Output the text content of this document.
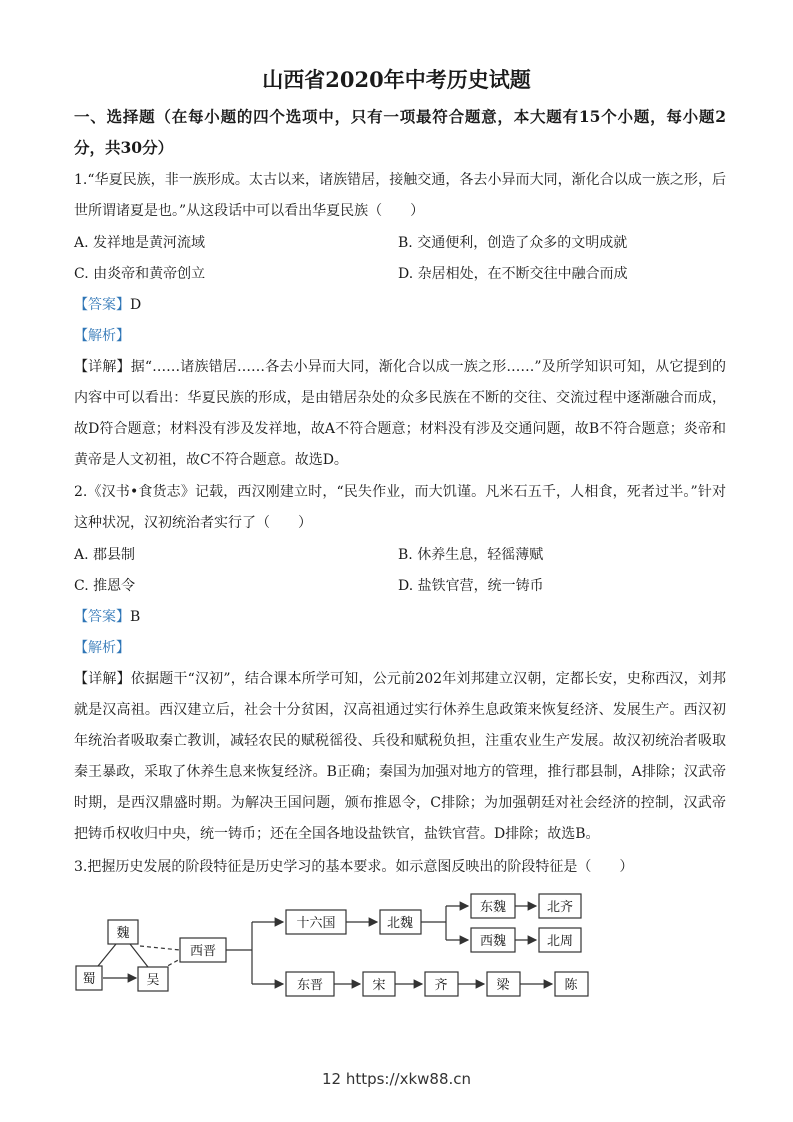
山西省2020年中考历史试题

一、选择题（在每小题的四个选项中，只有一项最符合题意，本大题有15个小题，每小题2分，共30分）

1.“华夏民族，非一族形成。太古以来，诸族错居，接触交通，各去小异而大同，渐化合以成一族之形，后世所谓诸夏是也。”从这段话中可以看出华夏民族（　　）

A. 发祥地是黄河流域	B. 交通便利，创造了众多的文明成就
C. 由炎帝和黄帝创立	D. 杂居相处，在不断交往中融合而成
【答案】D
【解析】

【详解】据“……诸族错居……各去小异而大同，渐化合以成一族之形……”及所学知识可知，从它提到的内容中可以看出：华夏民族的形成，是由错居杂处的众多民族在不断的交往、交流过程中逐渐融合而成，故D符合题意；材料没有涉及发祥地，故A不符合题意；材料没有涉及交通问题，故B不符合题意；炎帝和黄帝是人文初祖，故C不符合题意。故选D。

2.《汉书•食货志》记载，西汉刚建立时，“民失作业，而大饥谨。凡米石五千，人相食，死者过半。”针对这种状况，汉初统治者实行了（　　）

A. 郡县制	B. 休养生息，轻徭薄赋
C. 推恩令	D. 盐铁官营，统一铸币
【答案】B
【解析】

【详解】依据题干“汉初”，结合课本所学可知，公元前202年刘邦建立汉朝，定都长安，史称西汉，刘邦就是汉高祖。西汉建立后，社会十分贫困，汉高祖通过实行休养生息政策来恢复经济、发展生产。西汉初年统治者吸取秦亡教训，减轻农民的赋税徭役、兵役和赋税负担，注重农业生产发展。故汉初统治者吸取秦王暴政，采取了休养生息来恢复经济。B正确；秦国为加强对地方的管理，推行郡县制，A排除；汉武帝时期，是西汉鼎盛时期。为解决王国问题，颁布推恩令，C排除；为加强朝廷对社会经济的控制，汉武帝把铸币权收归中央，统一铸币；还在全国各地设盐铁官，盐铁官营。D排除；故选B。

3.把握历史发展的阶段特征是历史学习的基本要求。如示意图反映出的阶段特征是（　　）

魏
蜀	吴
西晋
十六国	北魏
东魏
西魏
北齐
北周
东晋	宋	齐	梁	陈
12 https://xkw88.cn
